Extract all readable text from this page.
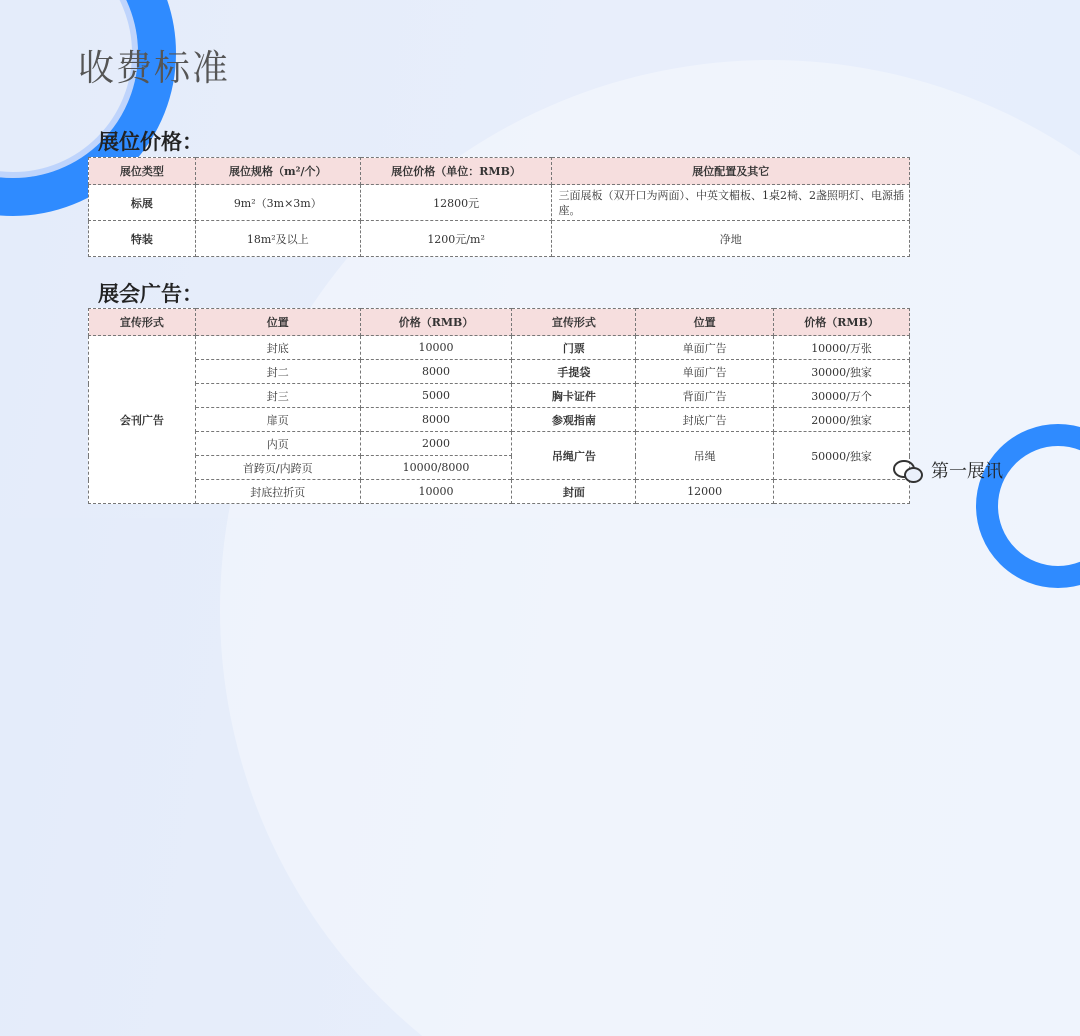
收费标准
展位价格：
展位类型	展位规格（m²/个）	展位价格（单位：RMB）	展位配置及其它
标展	9m²（3m×3m）	12800元	三面展板（双开口为两面）、中英文楣板、1桌2椅、2盏照明灯、电源插座。
特装	18m²及以上	1200元/m²	净地
展会广告：
宣传形式	位置	价格（RMB）	宣传形式	位置	价格（RMB）
会刊广告	封底	10000	门票	单面广告	10000/万张
	封二	8000	手提袋	单面广告	30000/独家
	封三	5000	胸卡证件	背面广告	30000/万个
	扉页	8000	参观指南	封底广告	20000/独家
	内页	2000	吊绳广告	吊绳	50000/独家
	首跨页/内跨页	10000/8000			
	封底拉折页	10000	封面	12000	
第一展讯
